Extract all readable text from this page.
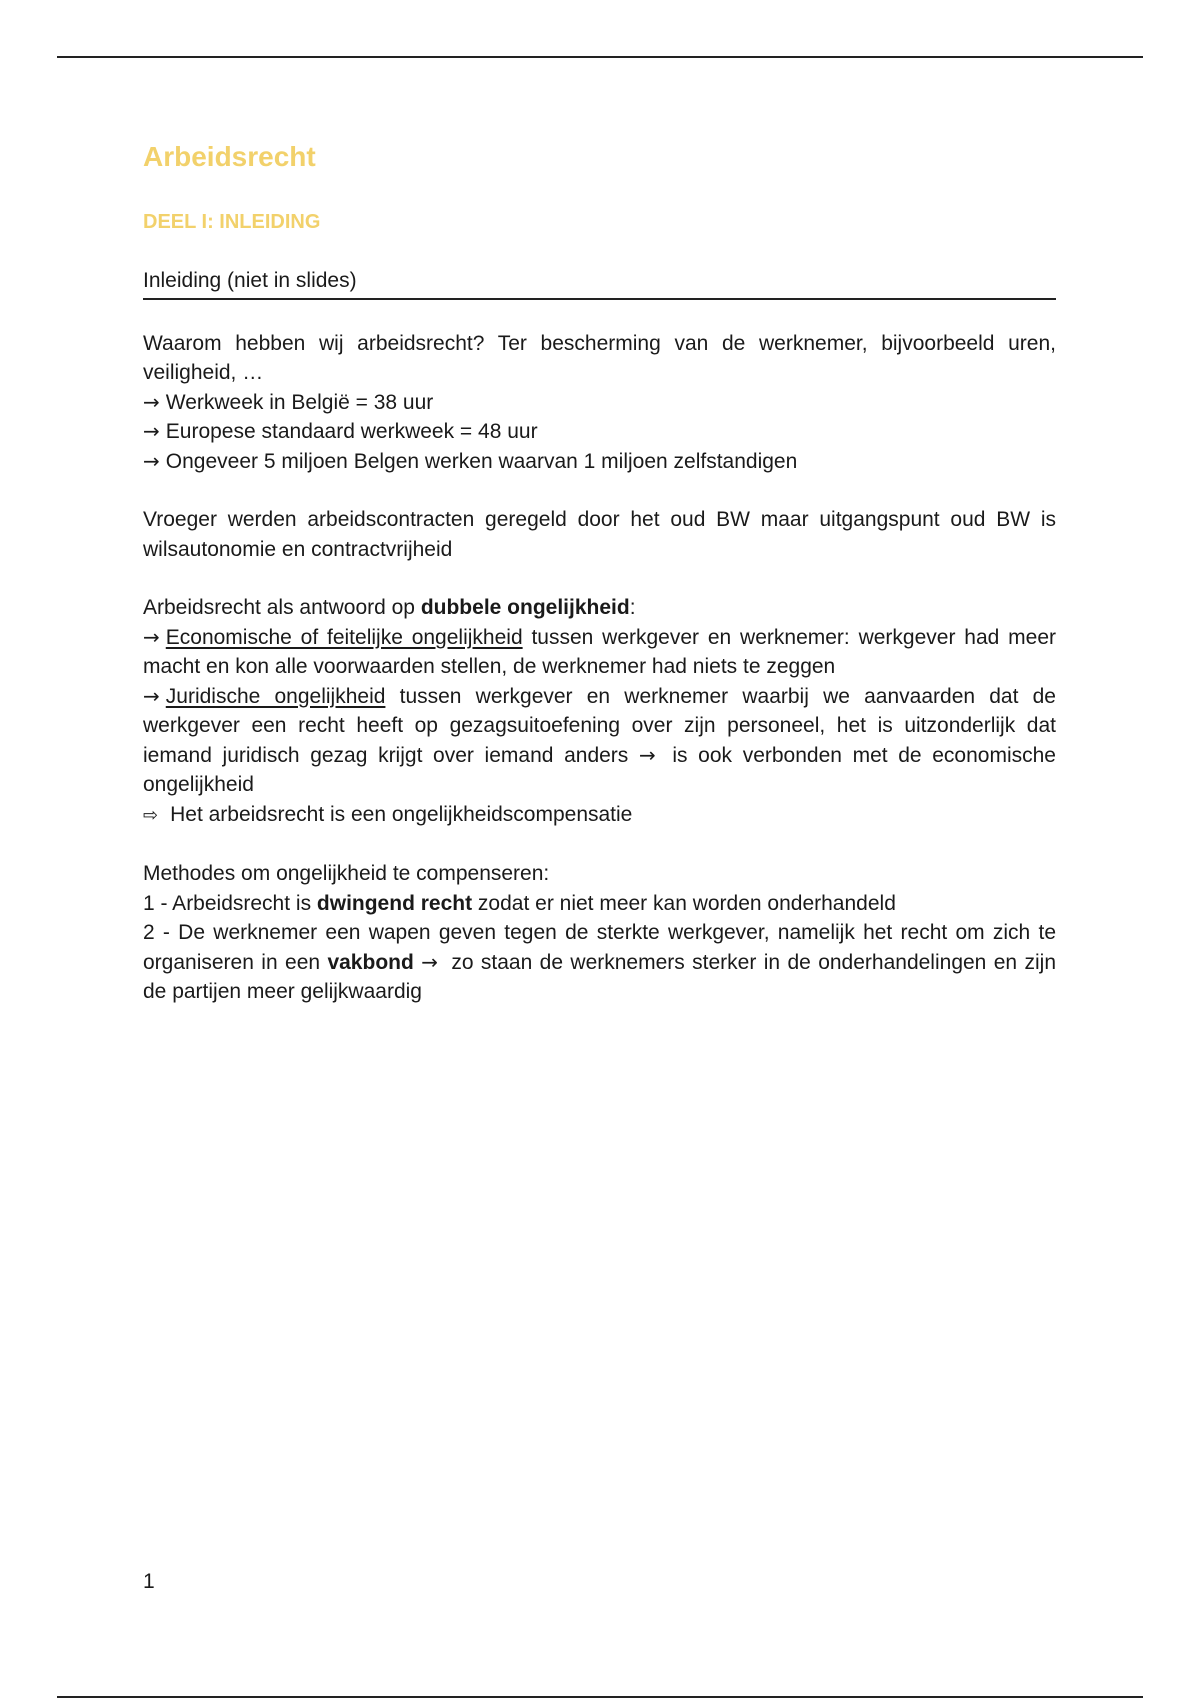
Arbeidsrecht
DEEL I: INLEIDING
Inleiding (niet in slides)

Waarom hebben wij arbeidsrecht? Ter bescherming van de werknemer, bijvoorbeeld uren, veiligheid, …
→ Werkweek in België = 38 uur
→ Europese standaard werkweek = 48 uur
→ Ongeveer 5 miljoen Belgen werken waarvan 1 miljoen zelfstandigen

Vroeger werden arbeidscontracten geregeld door het oud BW maar uitgangspunt oud BW is wilsautonomie en contractvrijheid

Arbeidsrecht als antwoord op dubbele ongelijkheid:
→ Economische of feitelijke ongelijkheid tussen werkgever en werknemer: werkgever had meer macht en kon alle voorwaarden stellen, de werknemer had niets te zeggen
→ Juridische ongelijkheid tussen werkgever en werknemer waarbij we aanvaarden dat de werkgever een recht heeft op gezagsuitoefening over zijn personeel, het is uitzonderlijk dat iemand juridisch gezag krijgt over iemand anders → is ook verbonden met de economische ongelijkheid
⇨ Het arbeidsrecht is een ongelijkheidscompensatie

Methodes om ongelijkheid te compenseren:
1 - Arbeidsrecht is dwingend recht zodat er niet meer kan worden onderhandeld
2 - De werknemer een wapen geven tegen de sterkte werkgever, namelijk het recht om zich te organiseren in een vakbond → zo staan de werknemers sterker in de onderhandelingen en zijn de partijen meer gelijkwaardig

1
